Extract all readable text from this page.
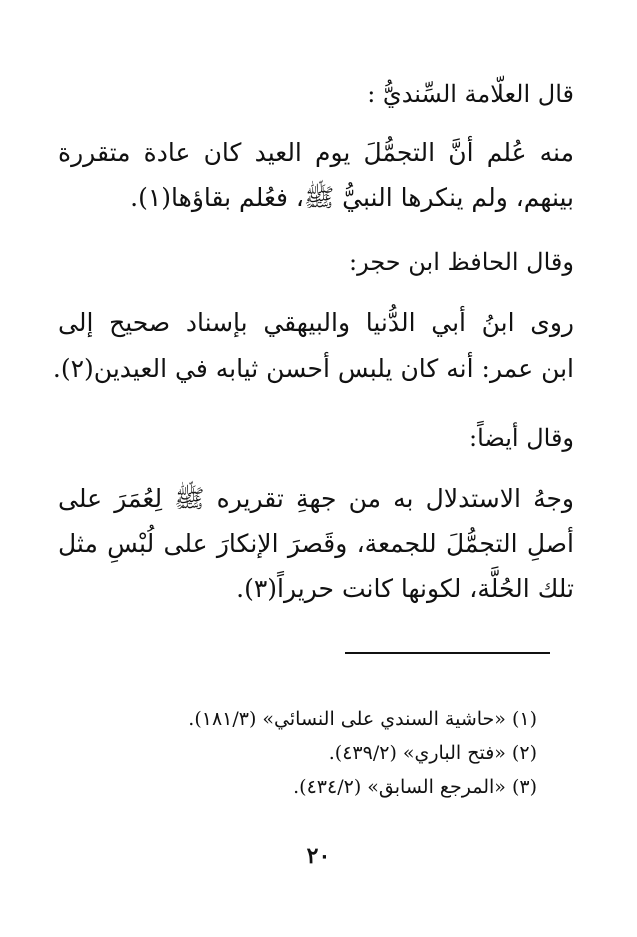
قال العلّامة السِّنديُّ :
منه عُلم أنَّ التجمُّلَ يوم العيد كان عادة متقررة
بينهم، ولم ينكرها النبيُّ ﷺ، فعُلم بقاؤها(١).
وقال الحافظ ابن حجر:
روى ابنُ أبي الدُّنيا والبيهقي بإسناد صحيح إلى
ابن عمر: أنه كان يلبس أحسن ثيابه في العيدين(٢).
وقال أيضاً:
وجهُ الاستدلال به من جهةِ تقريره ﷺ لِعُمَرَ على
أصلِ التجمُّلَ للجمعة، وقَصرَ الإنكارَ على لُبْسِ مثل
تلك الحُلَّة، لكونها كانت حريراً(٣).
(١) «حاشية السندي على النسائي» (١٨١/٣).
(٢) «فتح الباري» (٤٣٩/٢).
(٣) «المرجع السابق» (٤٣٤/٢).
٢٠
